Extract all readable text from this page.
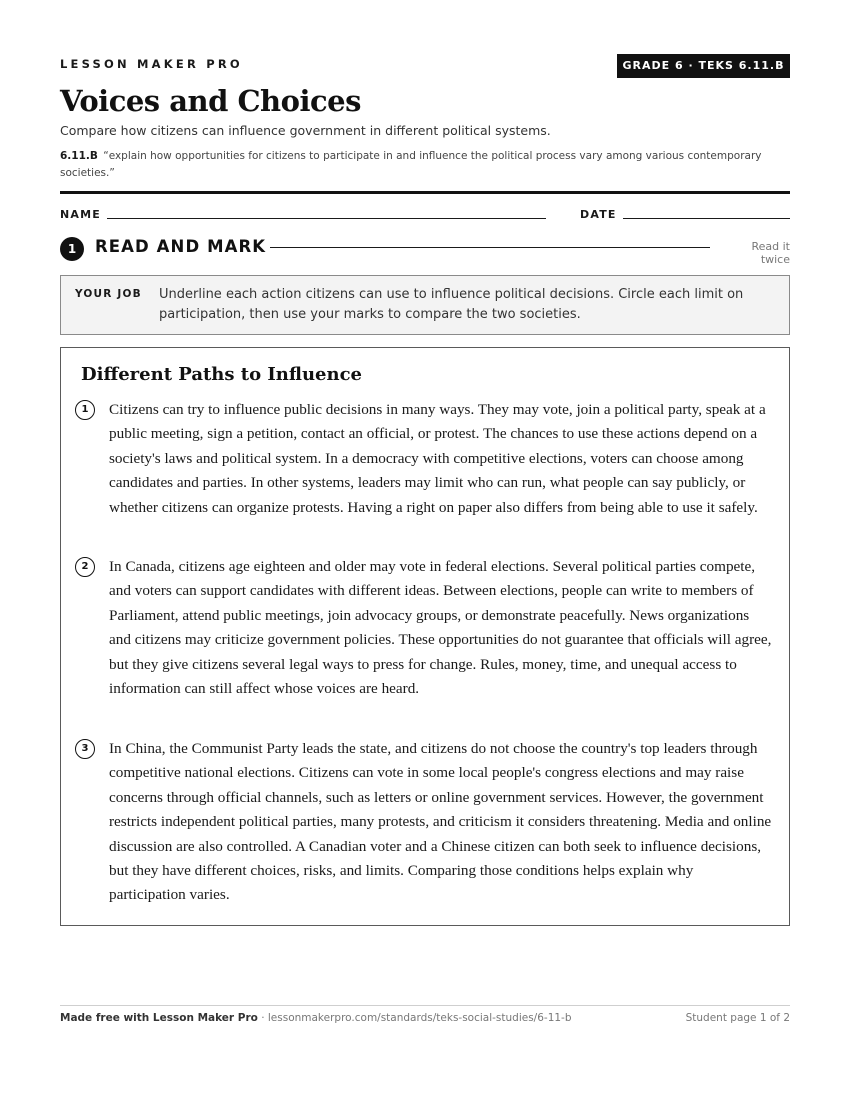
LESSON MAKER PRO	GRADE 6 · TEKS 6.11.B
Voices and Choices
Compare how citizens can influence government in different political systems.
6.11.B “explain how opportunities for citizens to participate in and influence the political process vary among various contemporary societies.”
NAME	DATE
1	READ AND MARK	Read it twice
YOUR JOB Underline each action citizens can use to influence political decisions. Circle each limit on participation, then use your marks to compare the two societies.
Different Paths to Influence
1	Citizens can try to influence public decisions in many ways. They may vote, join a political party, speak at a public meeting, sign a petition, contact an official, or protest. The chances to use these actions depend on a society's laws and political system. In a democracy with competitive elections, voters can choose among candidates and parties. In other systems, leaders may limit who can run, what people can say publicly, or whether citizens can organize protests. Having a right on paper also differs from being able to use it safely.

2	In Canada, citizens age eighteen and older may vote in federal elections. Several political parties compete, and voters can support candidates with different ideas. Between elections, people can write to members of Parliament, attend public meetings, join advocacy groups, or demonstrate peacefully. News organizations and citizens may criticize government policies. These opportunities do not guarantee that officials will agree, but they give citizens several legal ways to press for change. Rules, money, time, and unequal access to information can still affect whose voices are heard.

3	In China, the Communist Party leads the state, and citizens do not choose the country's top leaders through competitive national elections. Citizens can vote in some local people's congress elections and may raise concerns through official channels, such as letters or online government services. However, the government restricts independent political parties, many protests, and criticism it considers threatening. Media and online discussion are also controlled. A Canadian voter and a Chinese citizen can both seek to influence decisions, but they have different choices, risks, and limits. Comparing those conditions helps explain why participation varies.

Made free with Lesson Maker Pro · lessonmakerpro.com/standards/teks-social-studies/6-11-b	Student page 1 of 2
